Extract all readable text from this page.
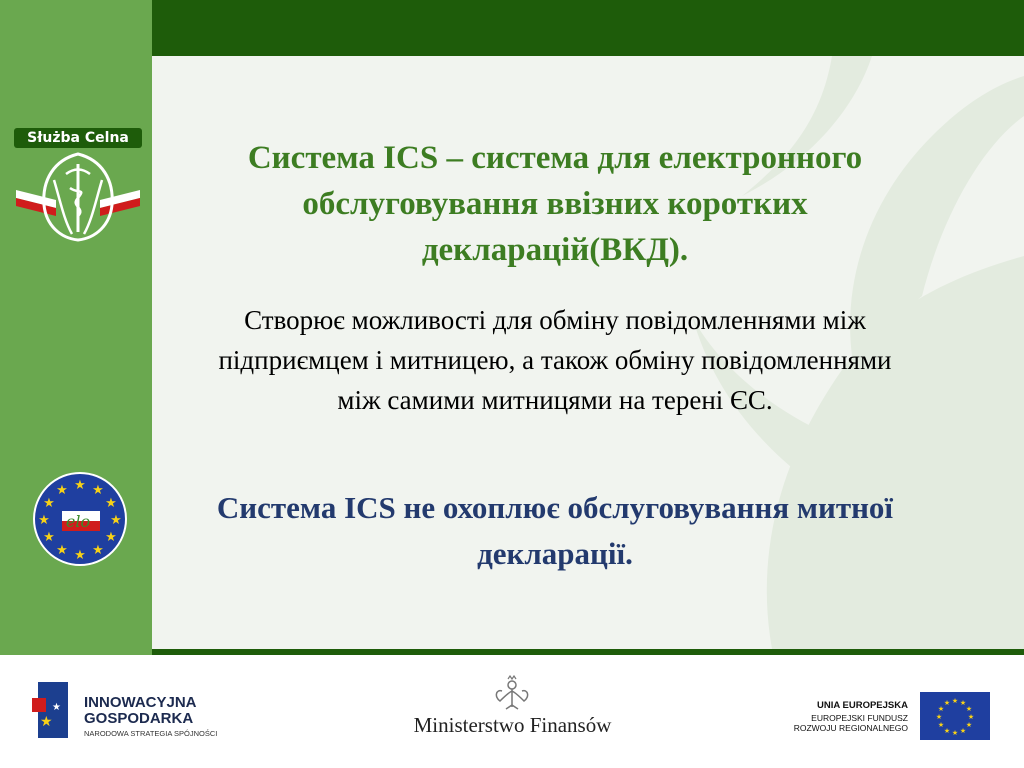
Służba Celna
★ ★
★
★
★
★
★
★
★
★
★
★
elo
Система ICS – система для електронного обслуговування ввізних коротких декларацій(ВКД).
Створює можливості для обміну повідомленнями між підприємцем і митницею, а також обміну повідомленнями між самими митницями на терені ЄС.
Система ICS не охоплює обслуговування митної декларації.
★
★ INNOWACYJNA
GOSPODARKA
NARODOWA STRATEGIA SPÓJNOŚCI	Ministerstwo Finansów
UNIA EUROPEJSKA
EUROPEJSKI FUNDUSZ
ROZWOJU REGIONALNEGO
★ ★
★
★
★
★
★
★
★
★
★
★
